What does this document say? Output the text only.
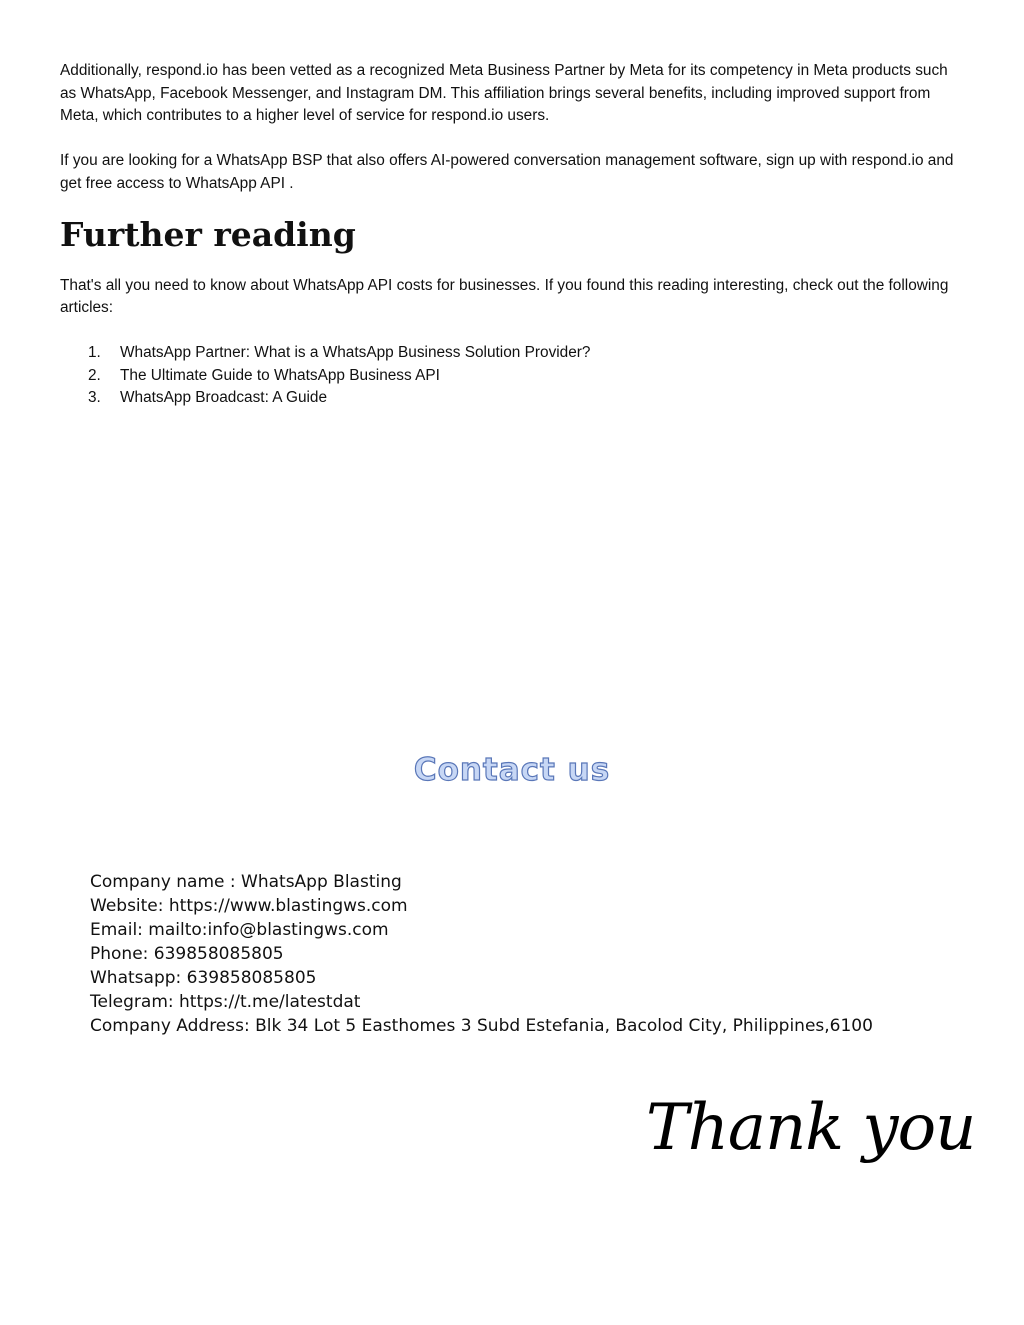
Additionally, respond.io has been vetted as a recognized Meta Business Partner by Meta for its competency in Meta products such as WhatsApp, Facebook Messenger, and Instagram DM. This affiliation brings several benefits, including improved support from Meta, which contributes to a higher level of service for respond.io users.

If you are looking for a WhatsApp BSP that also offers AI-powered conversation management software, sign up with respond.io and get free access to WhatsApp API .

Further reading

That's all you need to know about WhatsApp API costs for businesses. If you found this reading interesting, check out the following articles:

1. WhatsApp Partner: What is a WhatsApp Business Solution Provider?
2. The Ultimate Guide to WhatsApp Business API
3. WhatsApp Broadcast: A Guide
Contact us
Company name : WhatsApp Blasting
Website: https://www.blastingws.com
Email: mailto:info@blastingws.com
Phone: 639858085805
Whatsapp: 639858085805
Telegram: https://t.me/latestdat
Company Address: Blk 34 Lot 5 Easthomes 3 Subd Estefania, Bacolod City, Philippines,6100
Thank you
